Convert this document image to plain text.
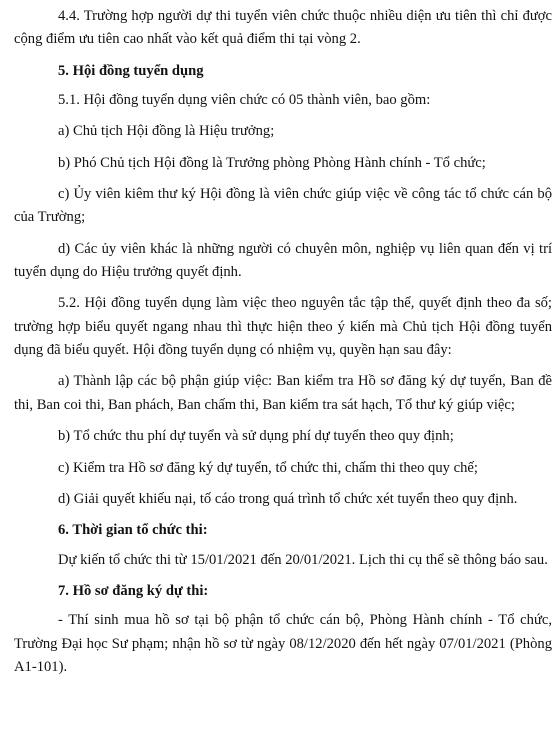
4.4. Trường hợp người dự thi tuyển viên chức thuộc nhiều diện ưu tiên thì chỉ được cộng điểm ưu tiên cao nhất vào kết quả điểm thi tại vòng 2.

5. Hội đồng tuyển dụng

5.1. Hội đồng tuyển dụng viên chức có 05 thành viên, bao gồm:

a) Chủ tịch Hội đồng là Hiệu trưởng;

b) Phó Chủ tịch Hội đồng là Trưởng phòng Phòng Hành chính - Tổ chức;

c) Ủy viên kiêm thư ký Hội đồng là viên chức giúp việc về công tác tổ chức cán bộ của Trường;

d) Các ủy viên khác là những người có chuyên môn, nghiệp vụ liên quan đến vị trí tuyển dụng do Hiệu trưởng quyết định.

5.2. Hội đồng tuyển dụng làm việc theo nguyên tắc tập thể, quyết định theo đa số; trường hợp biểu quyết ngang nhau thì thực hiện theo ý kiến mà Chủ tịch Hội đồng tuyển dụng đã biểu quyết. Hội đồng tuyển dụng có nhiệm vụ, quyền hạn sau đây:

a) Thành lập các bộ phận giúp việc: Ban kiểm tra Hồ sơ đăng ký dự tuyển, Ban đề thi, Ban coi thi, Ban phách, Ban chấm thi, Ban kiểm tra sát hạch, Tổ thư ký giúp việc;

b) Tổ chức thu phí dự tuyển và sử dụng phí dự tuyển theo quy định;

c) Kiểm tra Hồ sơ đăng ký dự tuyển, tổ chức thi, chấm thi theo quy chế;

d) Giải quyết khiếu nại, tố cáo trong quá trình tổ chức xét tuyển theo quy định.

6. Thời gian tổ chức thi:

Dự kiến tổ chức thi từ 15/01/2021 đến 20/01/2021. Lịch thi cụ thể sẽ thông báo sau.

7. Hồ sơ đăng ký dự thi:

- Thí sinh mua hồ sơ tại bộ phận tổ chức cán bộ, Phòng Hành chính - Tổ chức, Trường Đại học Sư phạm; nhận hồ sơ từ ngày 08/12/2020 đến hết ngày 07/01/2021 (Phòng A1-101).
